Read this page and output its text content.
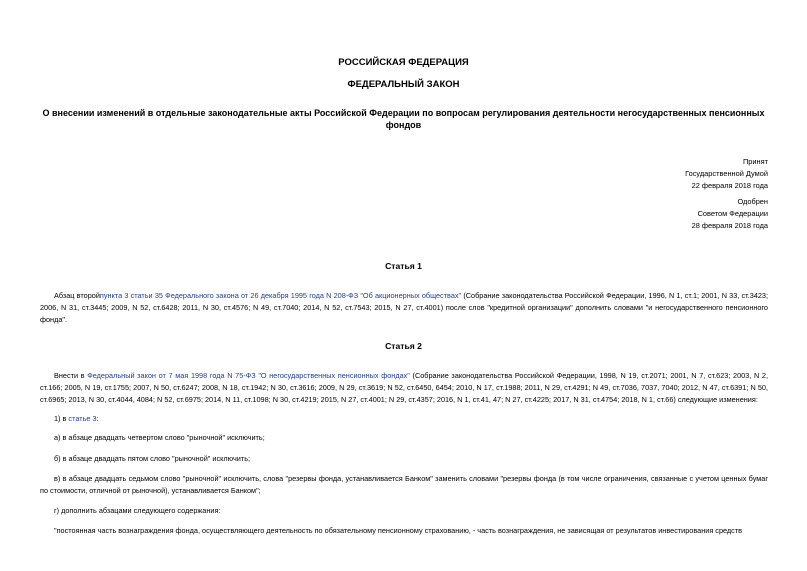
РОССИЙСКАЯ ФЕДЕРАЦИЯ
ФЕДЕРАЛЬНЫЙ ЗАКОН
О внесении изменений в отдельные законодательные акты Российской Федерации по вопросам регулирования деятельности негосударственных пенсионных фондов
Принят
Государственной Думой
22 февраля 2018 года
Одобрен
Советом Федерации
28 февраля 2018 года
Статья 1

Абзац второйпункта 3 статьи 35 Федерального закона от 26 декабря 1995 года N 208-ФЗ "Об акционерных обществах" (Собрание законодательства Российской Федерации, 1996, N 1, ст.1; 2001, N 33, ст.3423; 2006, N 31, ст.3445; 2009, N 52, ст.6428; 2011, N 30, ст.4576; N 49, ст.7040; 2014, N 52, ст.7543; 2015, N 27, ст.4001) после слов "кредитной организации" дополнить словами "и негосударственного пенсионного фонда".

Статья 2

Внести в Федеральный закон от 7 мая 1998 года N 75-ФЗ "О негосударственных пенсионных фондах" (Собрание законодательства Российской Федерации, 1998, N 19, ст.2071; 2001, N 7, ст.623; 2003, N 2, ст.166; 2005, N 19, ст.1755; 2007, N 50, ст.6247; 2008, N 18, ст.1942; N 30, ст.3616; 2009, N 29, ст.3619; N 52, ст.6450, 6454; 2010, N 17, ст.1988; 2011, N 29, ст.4291; N 49, ст.7036, 7037, 7040; 2012, N 47, ст.6391; N 50, ст.6965; 2013, N 30, ст.4044, 4084; N 52, ст.6975; 2014, N 11, ст.1098; N 30, ст.4219; 2015, N 27, ст.4001; N 29, ст.4357; 2016, N 1, ст.41, 47; N 27, ст.4225; 2017, N 31, ст.4754; 2018, N 1, ст.66) следующие изменения:

1) в статье 3:

а) в абзаце двадцать четвертом слово "рыночной" исключить;

б) в абзаце двадцать пятом слово "рыночной" исключить;

в) в абзаце двадцать седьмом слово "рыночной" исключить, слова "резервы фонда, устанавливается Банком" заменить словами "резервы фонда (в том числе ограничения, связанные с учетом ценных бумаг по стоимости, отличной от рыночной), устанавливается Банком";

г) дополнить абзацами следующего содержания:

"постоянная часть вознаграждения фонда, осуществляющего деятельность по обязательному пенсионному страхованию, - часть вознаграждения, не зависящая от результатов инвестирования средств
